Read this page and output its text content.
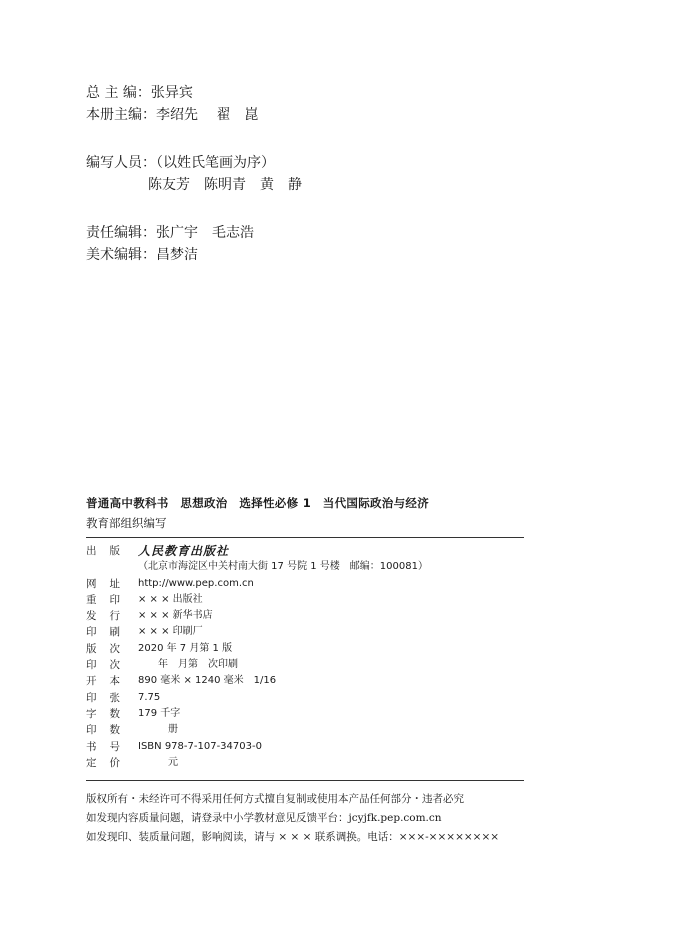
总 主 编：张异宾
本册主编：李绍先　 翟　崑
编写人员：（以姓氏笔画为序）
陈友芳　陈明青　黄　静
责任编辑：张广宇　毛志浩
美术编辑：昌梦洁
普通高中教科书　思想政治　选择性必修 1　当代国际政治与经济
教育部组织编写
出 版 人民教育出版社
（北京市海淀区中关村南大街 17 号院 1 号楼　邮编：100081）
网 址 http://www.pep.com.cn
重 印 × × × 出版社
发 行 × × × 新华书店
印 刷 × × × 印刷厂
版 次 2020 年 7 月第 1 版
印 次 　　年　月第　次印刷
开 本 890 毫米 × 1240 毫米　1/16
印 张 7.75
字 数 179 千字
印 数 　　　册
书 号 ISBN 978-7-107-34703-0
定 价 　　　元
版权所有・未经许可不得采用任何方式擅自复制或使用本产品任何部分・违者必究
如发现内容质量问题，请登录中小学教材意见反馈平台：jcyjfk.pep.com.cn
如发现印、装质量问题，影响阅读，请与 × × × 联系调换。电话：×××-××××××××
